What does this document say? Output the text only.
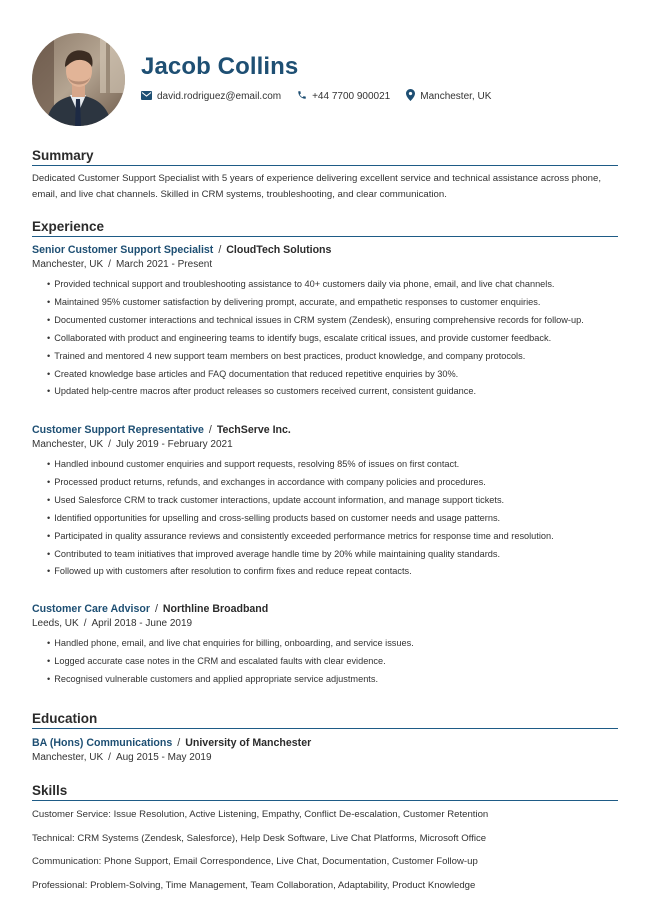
Jacob Collins
david.rodriguez@email.com	+44 7700 900021	Manchester, UK
Summary
Dedicated Customer Support Specialist with 5 years of experience delivering excellent service and technical assistance across phone, email, and live chat channels. Skilled in CRM systems, troubleshooting, and clear communication.
Experience
Senior Customer Support Specialist / CloudTech Solutions
Manchester, UK / March 2021 - Present
• Provided technical support and troubleshooting assistance to 40+ customers daily via phone, email, and live chat channels.
• Maintained 95% customer satisfaction by delivering prompt, accurate, and empathetic responses to customer enquiries.
• Documented customer interactions and technical issues in CRM system (Zendesk), ensuring comprehensive records for follow-up.
• Collaborated with product and engineering teams to identify bugs, escalate critical issues, and provide customer feedback.
• Trained and mentored 4 new support team members on best practices, product knowledge, and company protocols.
• Created knowledge base articles and FAQ documentation that reduced repetitive enquiries by 30%.
• Updated help-centre macros after product releases so customers received current, consistent guidance.
Customer Support Representative / TechServe Inc.
Manchester, UK / July 2019 - February 2021
• Handled inbound customer enquiries and support requests, resolving 85% of issues on first contact.
• Processed product returns, refunds, and exchanges in accordance with company policies and procedures.
• Used Salesforce CRM to track customer interactions, update account information, and manage support tickets.
• Identified opportunities for upselling and cross-selling products based on customer needs and usage patterns.
• Participated in quality assurance reviews and consistently exceeded performance metrics for response time and resolution.
• Contributed to team initiatives that improved average handle time by 20% while maintaining quality standards.
• Followed up with customers after resolution to confirm fixes and reduce repeat contacts.
Customer Care Advisor / Northline Broadband
Leeds, UK / April 2018 - June 2019
• Handled phone, email, and live chat enquiries for billing, onboarding, and service issues.
• Logged accurate case notes in the CRM and escalated faults with clear evidence.
• Recognised vulnerable customers and applied appropriate service adjustments.
Education
BA (Hons) Communications / University of Manchester
Manchester, UK / Aug 2015 - May 2019
Skills
Customer Service: Issue Resolution, Active Listening, Empathy, Conflict De-escalation, Customer Retention
Technical: CRM Systems (Zendesk, Salesforce), Help Desk Software, Live Chat Platforms, Microsoft Office
Communication: Phone Support, Email Correspondence, Live Chat, Documentation, Customer Follow-up
Professional: Problem-Solving, Time Management, Team Collaboration, Adaptability, Product Knowledge
